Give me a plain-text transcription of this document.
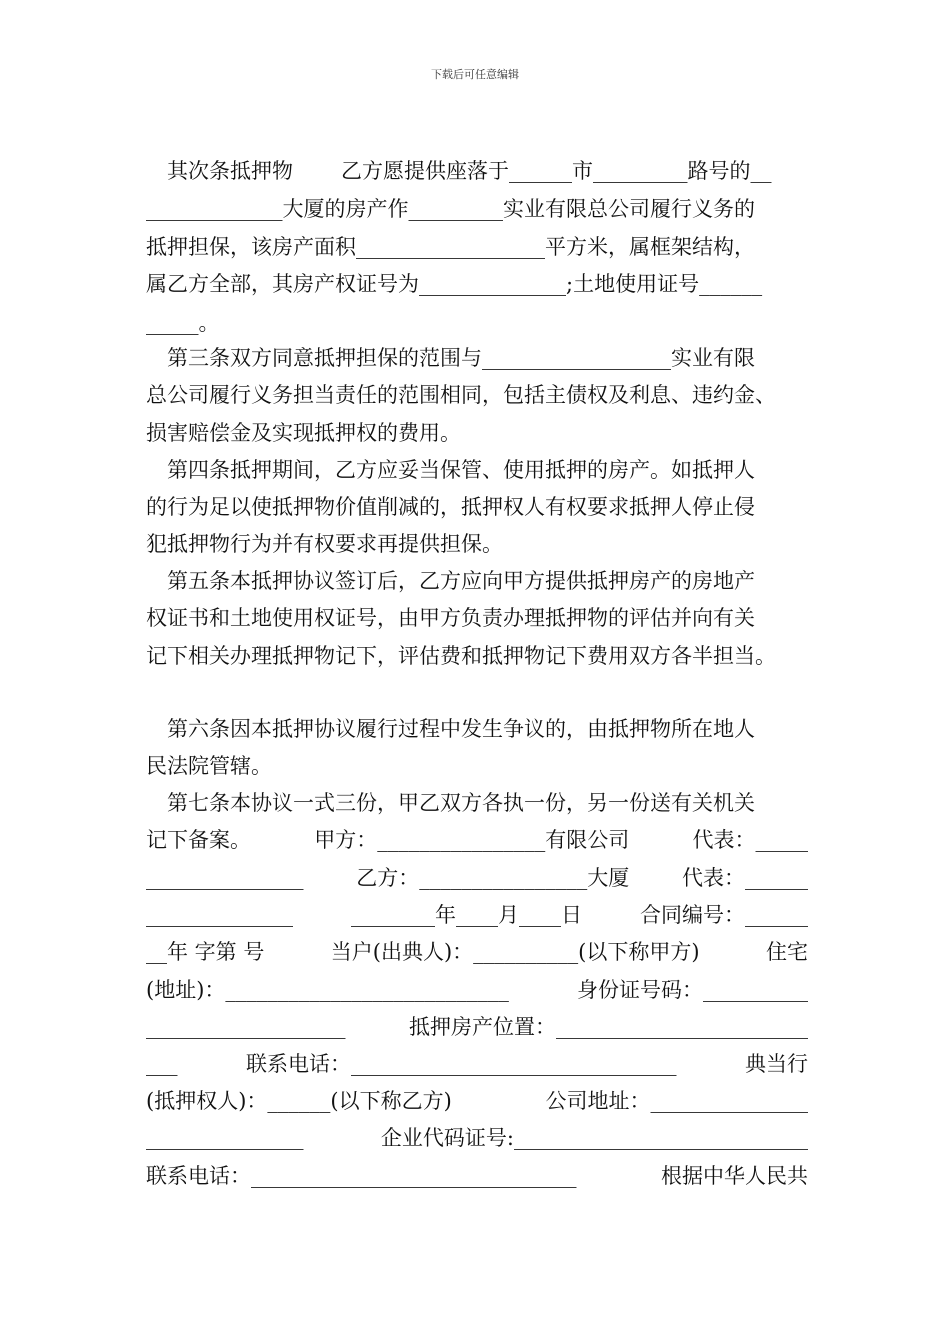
下载后可任意编辑
其次条抵押物 乙方愿提供座落于______市_________路号的__
_____________大厦的房产作_________实业有限总公司履行义务的
抵押担保，该房产面积__________________平方米，属框架结构，
属乙方全部，其房产权证号为______________;土地使用证号______
_____。
第三条双方同意抵押担保的范围与__________________实业有限
总公司履行义务担当责任的范围相同，包括主债权及利息、违约金、
损害赔偿金及实现抵押权的费用。
第四条抵押期间，乙方应妥当保管、使用抵押的房产。如抵押人
的行为足以使抵押物价值削减的，抵押权人有权要求抵押人停止侵
犯抵押物行为并有权要求再提供担保。
第五条本抵押协议签订后，乙方应向甲方提供抵押房产的房地产
权证书和土地使用权证号，由甲方负责办理抵押物的评估并向有关
记下相关办理抵押物记下，评估费和抵押物记下费用双方各半担当。
第六条因本抵押协议履行过程中发生争议的，由抵押物所在地人
民法院管辖。
第七条本协议一式三份，甲乙双方各执一份，另一份送有关机关
记下备案。	甲方：________________有限公司	代表：_____
_______________	乙方：________________大厦	代表：______
______________	________年____月____日	合同编号：______
__年 字第 号	当户(出典人)：__________(以下称甲方)	住宅
(地址)：___________________________	身份证号码：__________
___________________	抵押房产位置：________________________
___	联系电话：_______________________________	典当行
(抵押权人)：______(以下称乙方)	公司地址：_______________
_______________	企业代码证号:____________________________
联系电话：_______________________________	根据中华人民共
